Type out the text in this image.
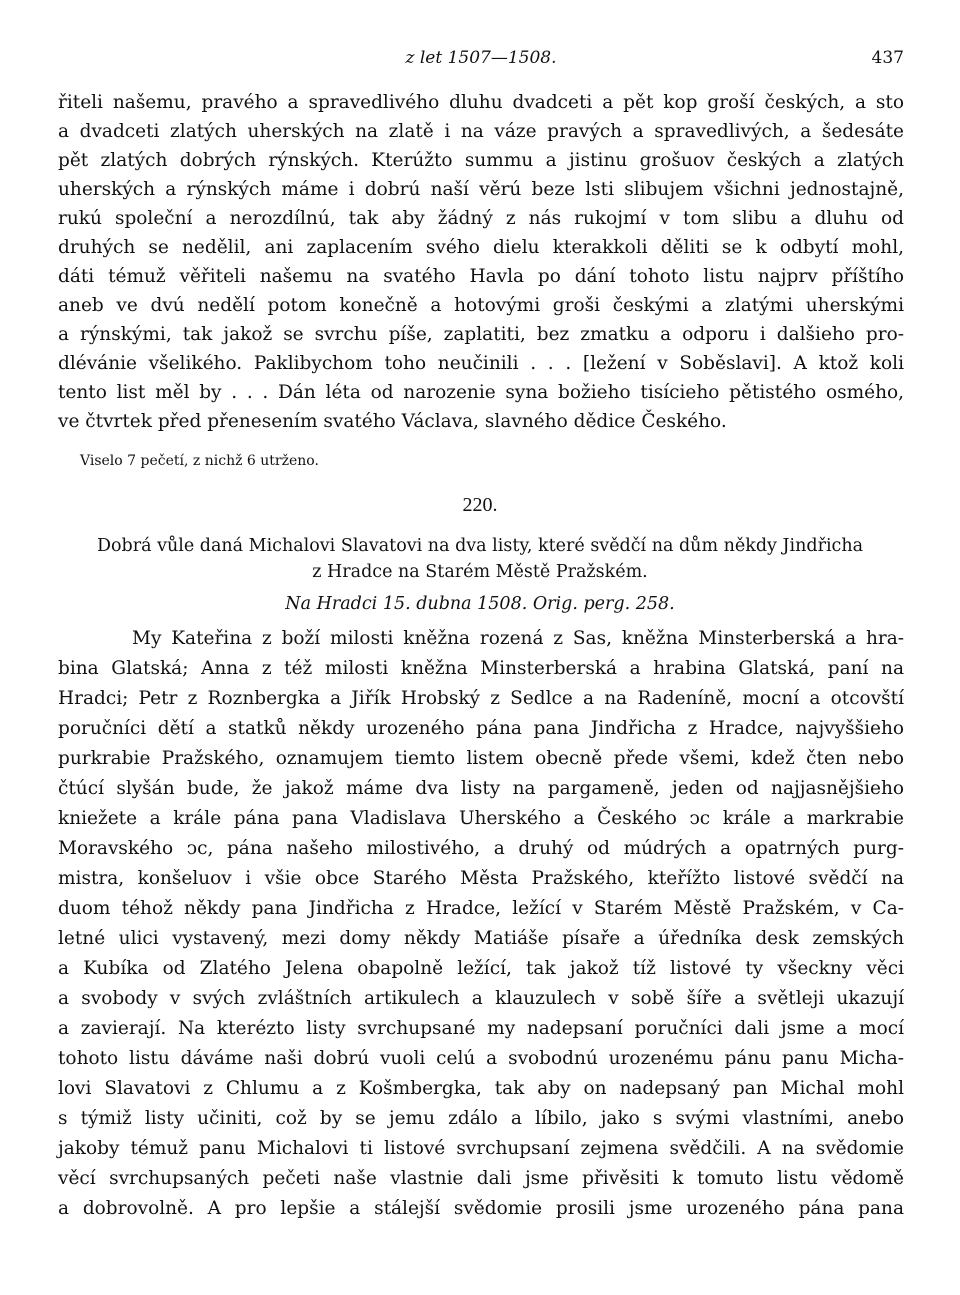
z let 1507—1508.	437
řiteli našemu, pravého a spravedlivého dluhu dvadceti a pět kop groší českých, a sto
a dvadceti zlatých uherských na zlatě i na váze pravých a spravedlivých, a šedesáte
pět zlatých dobrých rýnských. Kterúžto summu a jistinu grošuov českých a zlatých
uherských a rýnských máme i dobrú naší věrú beze lsti slibujem všichni jednostajně,
rukú společní a nerozdílnú, tak aby žádný z nás rukojmí v tom slibu a dluhu od
druhých se nedělil, ani zaplacením svého dielu kterakkoli děliti se k odbytí mohl,
dáti témuž věřiteli našemu na svatého Havla po dání tohoto listu najprv příštího
aneb ve dvú nedělí potom konečně a hotovými groši českými a zlatými uherskými
a rýnskými, tak jakož se svrchu píše, zaplatiti, bez zmatku a odporu i dalšieho pro-
dlévánie všelikého. Paklibychom toho neučinili . . . [ležení v Soběslavi]. A ktož koli
tento list měl by . . . Dán léta od narozenie syna božieho tisícieho pětistého osmého,
ve čtvrtek před přenesením svatého Václava, slavného dědice Českého.
Viselo 7 pečetí, z nichž 6 utrženo.
220.
Dobrá vůle daná Michalovi Slavatovi na dva listy, které svědčí na dům někdy Jindřicha
z Hradce na Starém Městě Pražském.
Na Hradci 15. dubna 1508. Orig. perg. 258.
My Kateřina z boží milosti kněžna rozená z Sas, kněžna Minsterberská a hra-
bina Glatská; Anna z též milosti kněžna Minsterberská a hrabina Glatská, paní na
Hradci; Petr z Roznbergka a Jiřík Hrobský z Sedlce a na Radeníně, mocní a otcovští
poručníci dětí a statků někdy urozeného pána pana Jindřicha z Hradce, najvyššieho
purkrabie Pražského, oznamujem tiemto listem obecně přede všemi, kdež čten nebo
čtúcí slyšán bude, že jakož máme dva listy na pargameně, jeden od najjasnějšieho
kniežete a krále pána pana Vladislava Uherského a Českého ͻc krále a markrabie
Moravského ͻc, pána našeho milostivého, a druhý od múdrých a opatrných purg-
mistra, konšeluov i všie obce Starého Města Pražského, kteřížto listové svědčí na
duom téhož někdy pana Jindřicha z Hradce, ležící v Starém Městě Pražském, v Ca-
letné ulici vystavený, mezi domy někdy Matiáše písaře a úředníka desk zemských
a Kubíka od Zlatého Jelena obapolně ležící, tak jakož tíž listové ty všeckny věci
a svobody v svých zvláštních artikulech a klauzulech v sobě šíře a světleji ukazují
a zavierají. Na kterézto listy svrchupsané my nadepsaní poručníci dali jsme a mocí
tohoto listu dáváme naši dobrú vuoli celú a svobodnú urozenému pánu panu Micha-
lovi Slavatovi z Chlumu a z Košmbergka, tak aby on nadepsaný pan Michal mohl
s týmiž listy učiniti, což by se jemu zdálo a líbilo, jako s svými vlastními, anebo
jakoby témuž panu Michalovi ti listové svrchupsaní zejmena svědčili. A na svědomie
věcí svrchupsaných pečeti naše vlastnie dali jsme přivěsiti k tomuto listu vědomě
a dobrovolně. A pro lepšie a stálejší svědomie prosili jsme urozeného pána pana
